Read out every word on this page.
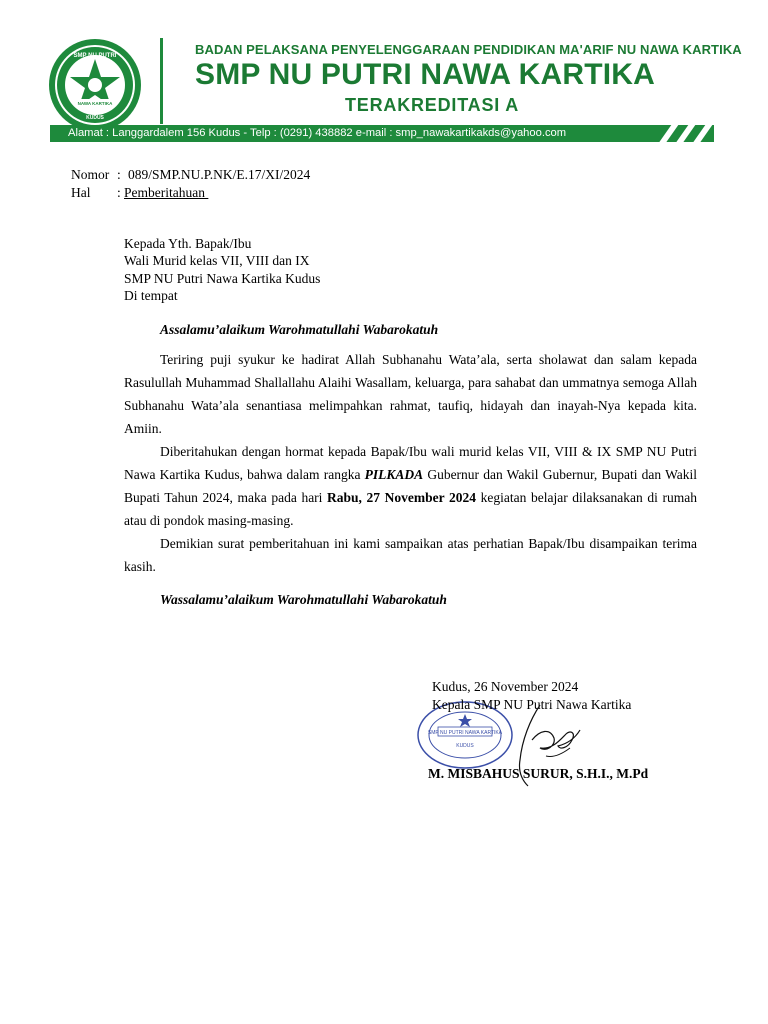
SMP NU PUTRI
NAWA KARTIKA
KUDUS
BADAN PELAKSANA PENYELENGGARAAN PENDIDIKAN MA'ARIF NU NAWA KARTIKA
SMP NU PUTRI NAWA KARTIKA
TERAKREDITASI A
Alamat : Langgardalem 156 Kudus - Telp : (0291) 438882 e-mail : smp_nawakartikakds@yahoo.com
Nomor : 089/SMP.NU.P.NK/E.17/XI/2024
Hal : Pemberitahuan
Kepada Yth. Bapak/Ibu
Wali Murid kelas VII, VIII dan IX
SMP NU Putri Nawa Kartika Kudus
Di tempat
Assalamu’alaikum Warohmatullahi Wabarokatuh
Teriring puji syukur ke hadirat Allah Subhanahu Wata’ala, serta sholawat dan salam kepada Rasulullah Muhammad Shallallahu Alaihi Wasallam, keluarga, para sahabat dan ummatnya semoga Allah Subhanahu Wata’ala senantiasa melimpahkan rahmat, taufiq, hidayah dan inayah-Nya kepada kita. Amiin.
Diberitahukan dengan hormat kepada Bapak/Ibu wali murid kelas VII, VIII & IX SMP NU Putri Nawa Kartika Kudus, bahwa dalam rangka PILKADA Gubernur dan Wakil Gubernur, Bupati dan Wakil Bupati Tahun 2024, maka pada hari Rabu, 27 November 2024 kegiatan belajar dilaksanakan di rumah atau di pondok masing-masing.
Demikian surat pemberitahuan ini kami sampaikan atas perhatian Bapak/Ibu disampaikan terima kasih.
Wassalamu’alaikum Warohmatullahi Wabarokatuh
SMP NU PUTRI NAWA KARTIKA
KUDUS
Kudus, 26 November 2024
Kepala SMP NU Putri Nawa Kartika
M. MISBAHUS SURUR, S.H.I., M.Pd
